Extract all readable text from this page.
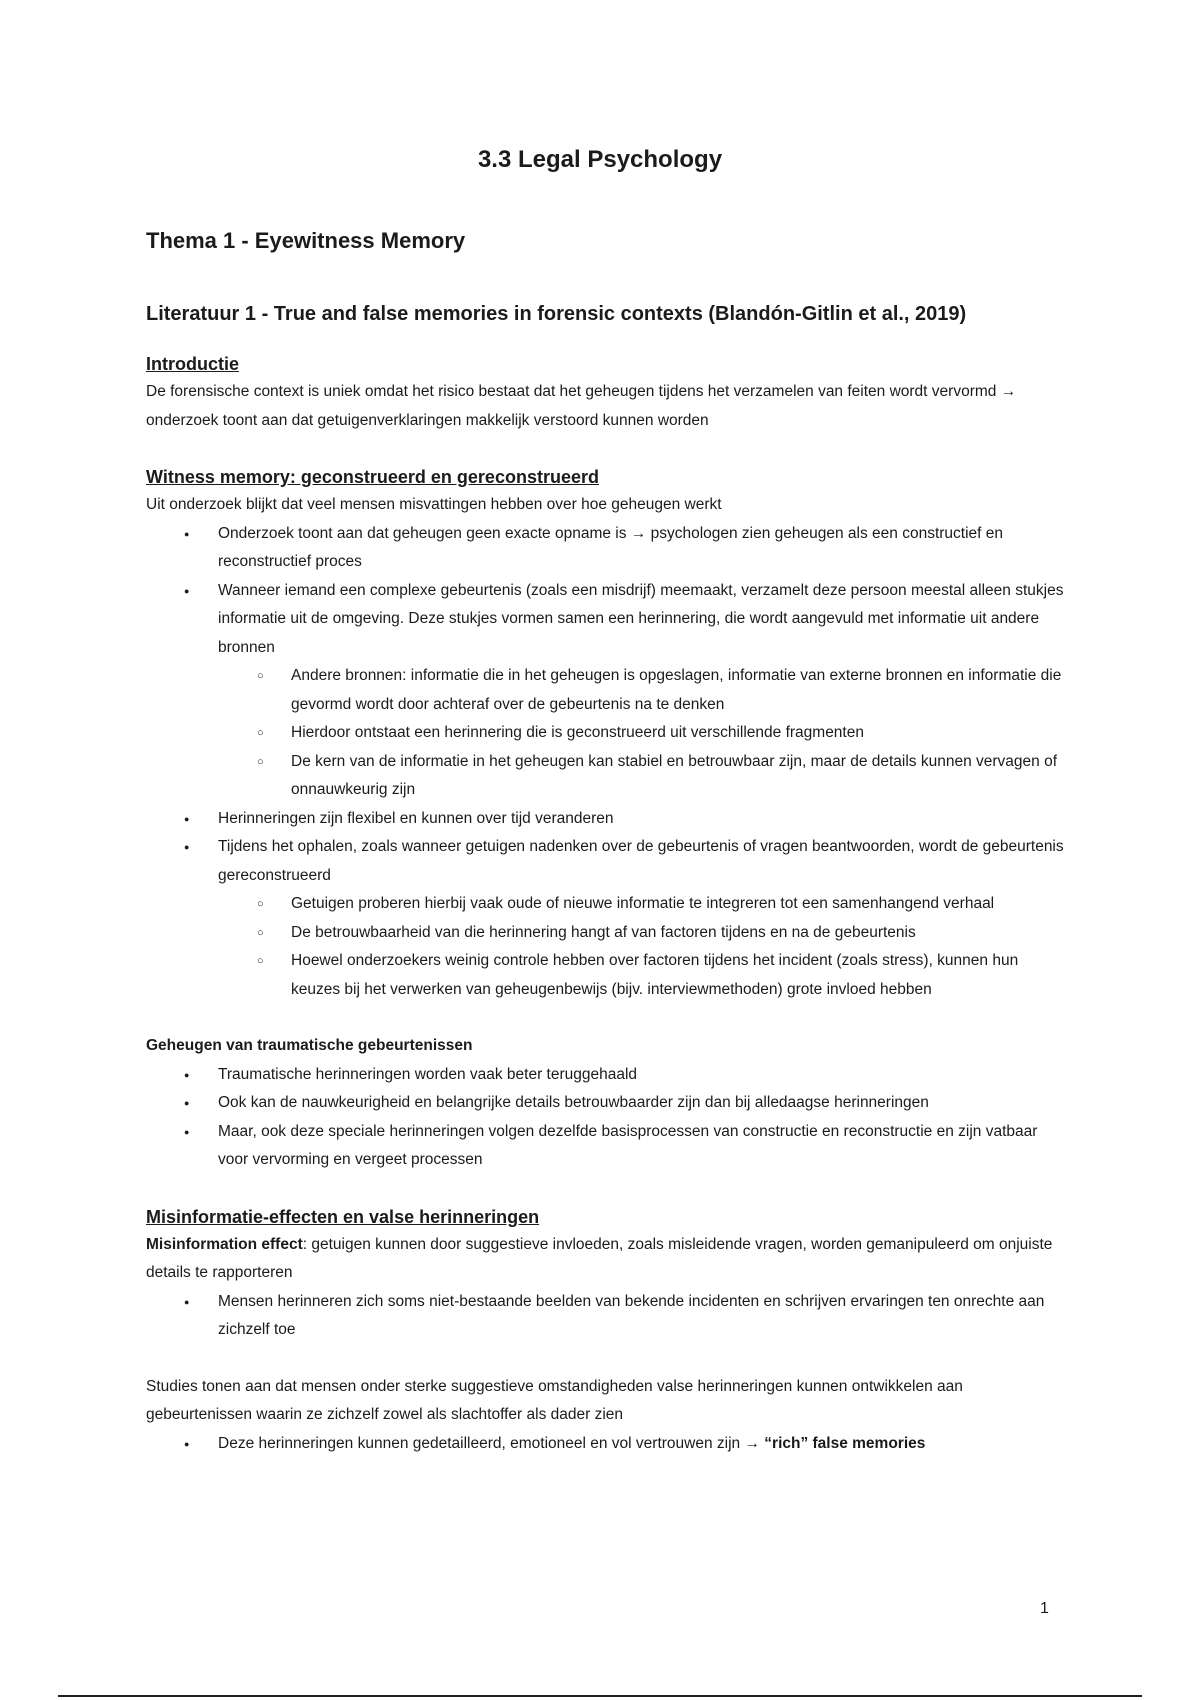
3.3 Legal Psychology
Thema 1 - Eyewitness Memory
Literatuur 1 - True and false memories in forensic contexts (Blandón-Gitlin et al., 2019)

Introductie

De forensische context is uniek omdat het risico bestaat dat het geheugen tijdens het verzamelen van feiten wordt vervormd → onderzoek toont aan dat getuigenverklaringen makkelijk verstoord kunnen worden

Witness memory: geconstrueerd en gereconstrueerd

Uit onderzoek blijkt dat veel mensen misvattingen hebben over hoe geheugen werkt

● Onderzoek toont aan dat geheugen geen exacte opname is → psychologen zien geheugen als een constructief en reconstructief proces
● Wanneer iemand een complexe gebeurtenis (zoals een misdrijf) meemaakt, verzamelt deze persoon meestal alleen stukjes informatie uit de omgeving. Deze stukjes vormen samen een herinnering, die wordt aangevuld met informatie uit andere bronnen
○ Andere bronnen: informatie die in het geheugen is opgeslagen, informatie van externe bronnen en informatie die gevormd wordt door achteraf over de gebeurtenis na te denken
○ Hierdoor ontstaat een herinnering die is geconstrueerd uit verschillende fragmenten
○ De kern van de informatie in het geheugen kan stabiel en betrouwbaar zijn, maar de details kunnen vervagen of onnauwkeurig zijn
● Herinneringen zijn flexibel en kunnen over tijd veranderen
● Tijdens het ophalen, zoals wanneer getuigen nadenken over de gebeurtenis of vragen beantwoorden, wordt de gebeurtenis gereconstrueerd
○ Getuigen proberen hierbij vaak oude of nieuwe informatie te integreren tot een samenhangend verhaal
○ De betrouwbaarheid van die herinnering hangt af van factoren tijdens en na de gebeurtenis
○ Hoewel onderzoekers weinig controle hebben over factoren tijdens het incident (zoals stress), kunnen hun keuzes bij het verwerken van geheugenbewijs (bijv. interviewmethoden) grote invloed hebben

Geheugen van traumatische gebeurtenissen

● Traumatische herinneringen worden vaak beter teruggehaald
● Ook kan de nauwkeurigheid en belangrijke details betrouwbaarder zijn dan bij alledaagse herinneringen
● Maar, ook deze speciale herinneringen volgen dezelfde basisprocessen van constructie en reconstructie en zijn vatbaar voor vervorming en vergeet processen

Misinformatie-effecten en valse herinneringen

Misinformation effect: getuigen kunnen door suggestieve invloeden, zoals misleidende vragen, worden gemanipuleerd om onjuiste details te rapporteren

● Mensen herinneren zich soms niet-bestaande beelden van bekende incidenten en schrijven ervaringen ten onrechte aan zichzelf toe

Studies tonen aan dat mensen onder sterke suggestieve omstandigheden valse herinneringen kunnen ontwikkelen aan gebeurtenissen waarin ze zichzelf zowel als slachtoffer als dader zien

● Deze herinneringen kunnen gedetailleerd, emotioneel en vol vertrouwen zijn → “rich” false memories
1
